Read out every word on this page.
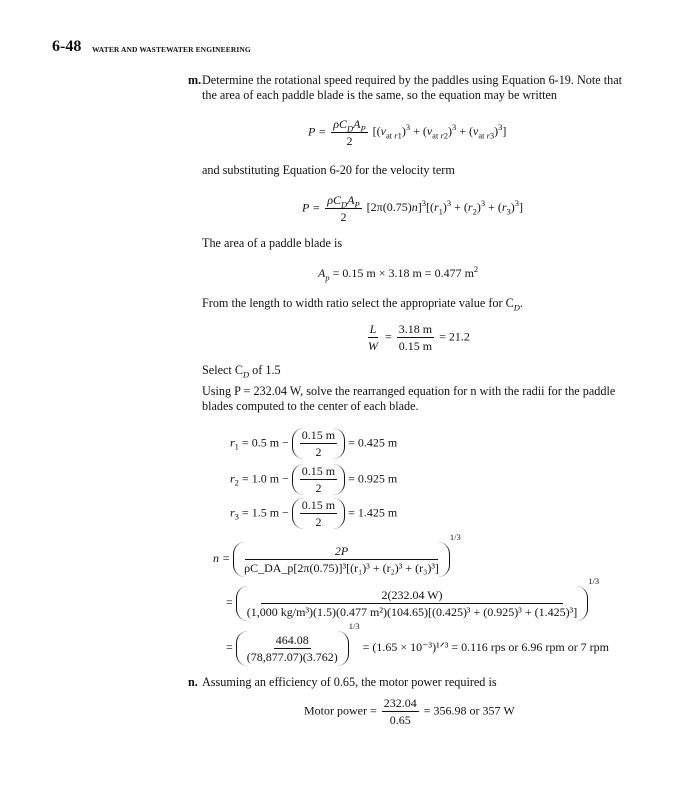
6-48 WATER AND WASTEWATER ENGINEERING
m. Determine the rotational speed required by the paddles using Equation 6-19. Note that
the area of each paddle blade is the same, so the equation may be written
$P = \frac{\rho C_DA_P}{2} [(v_{at r1})^3 + (v_{at r2})^3 + (v_{at r3})^3]$
and substituting Equation 6-20 for the velocity term
$P = \frac{\rho C_DA_P}{2} [2\pi(0.75)n]^3[(r_1)^3 + (r_2)^3 + (r_3)^3]$
The area of a paddle blade is
$A_p = 0.15$ m × 3.18 m = 0.477 $m^2$
From the length to width ratio select the appropriate value for $C_D$.
$\frac{L}{W} = \frac{3.18 m}{0.15 m} = 21.2$
Select $C_D$ of 1.5
Using P = 232.04 W, solve the rearranged equation for n with the radii for the paddle
blades computed to the center of each blade.
$r_1 = 0.5$ $m - \frac{0.15 m}{2} = 0.425$ m
$r_2 = 1.0$ $m - \frac{0.15 m}{2} = 0.925$ m
$r_3 = 1.5$ $m - \frac{0.15 m}{2} = 1.425$ m
$n = \frac{2P}{\text{ρC\_DA\_p[2π(0.75)]³[(r₁)³ + (r₂)³ + (r₃)³]}}$
$^{1/3}$
=
2(232.04 W)
(1,000 kg/m³)(1.5)(0.477 m²)(104.65)[(0.425)³ + (0.925)³ + (1.425)³]
$^{1/3}$
= $\frac{464.08}{(78,877.07)(3.762)}$
$^{1/3}$ = (1.65 × 10⁻³)¹ᐟ³ = 0.116 rps or 6.96 rpm or 7 rpm
n. Assuming an efficiency of 0.65, the motor power required is
Motor power = $\frac{232.04}{0.65} = 356.98$ or 357 W
